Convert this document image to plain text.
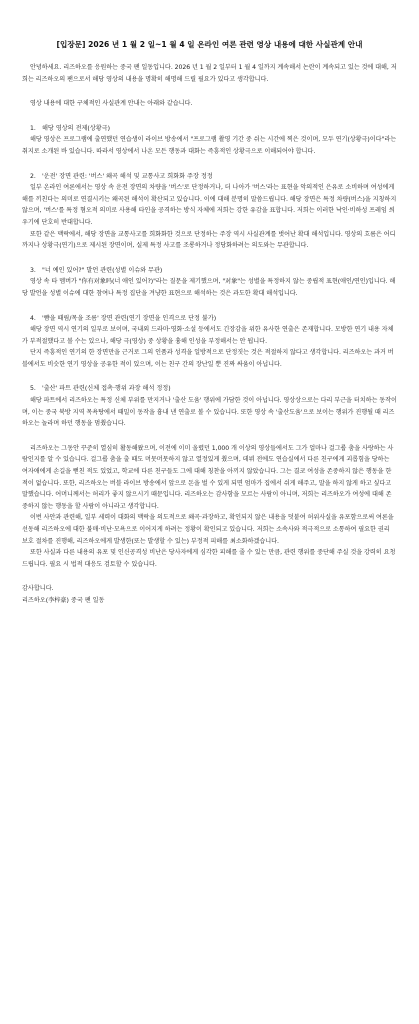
[입장문] 2026 년 1 월 2 일~1 월 4 일 온라인 여론 관련 영상 내용에 대한 사실관계 안내

안녕하세요. 리즈하오를 응원하는 중국 팬 일동입니다. 2026 년 1 월 2 일부터 1 월 4 일까지 계속해서 논란이 계속되고 있는 것에 대해, 저희는 리즈하오의 팬으로서 해당 영상의 내용을 명확히 해명해 드릴 필요가 있다고 생각합니다.

영상 내용에 대한 구체적인 사실관계 안내는 아래와 같습니다.

1.　해당 영상의 전제(상황극)

해당 영상은 프로그램에 출연했던 연습생이 라이브 방송에서 "프로그램 촬영 기간 중 쉬는 시간에 찍은 것이며, 모두 연기(상황극)이다"라는 취지로 소개된 바 있습니다. 따라서 영상에서 나온 모든 행동과 대화는 즉흥적인 상황극으로 이해되어야 합니다.

2.　'운전' 장면 관련: '버스' 왜곡 해석 및 교통사고 희화화 주장 정정

일부 온라인 여론에서는 영상 속 운전 장면의 차량을 '버스'로 단정하거나, 더 나아가 '버스'라는 표현을 악의적인 은유로 소비하며 여성에게 해를 끼친다는 의미로 연결시키는 왜곡된 해석이 확산되고 있습니다. 이에 대해 분명히 말씀드립니다. 해당 장면은 특정 차량(버스)을 지칭하지 않으며, '버스'를 특정 혐오적 의미로 사용해 타인을 공격하는 방식 자체에 저희는 강한 유감을 표합니다. 저희는 이러한 낙인·비하성 프레임 씌우기에 단호히 반대합니다.

또한 같은 맥락에서, 해당 장면을 교통사고를 희화화한 것으로 단정하는 주장 역시 사실관계를 벗어난 확대 해석입니다. 영상의 흐름은 어디까지나 상황극(연기)으로 제시된 장면이며, 실제 특정 사고를 조롱하거나 정당화하려는 의도와는 무관합니다.

3.　"너 예인 있어?" 발언 관련(성별 이슈와 무관)

영상 속 타 멤버가 "你有对象吗(너 애인 있어?)"라는 질문을 제기했으며, "对象"는 성별을 특정하지 않는 중립적 표현(애인/연인)입니다. 해당 발언을 성별 이슈에 대한 참여나 특정 집단을 겨냥한 표현으로 해석하는 것은 과도한 확대 해석입니다.

4.　'뺨을 때림/목을 조름' 장면 관련(연기 장면을 인격으로 단정 불가)

해당 장면 역시 연기의 일부로 보이며, 국내외 드라마·영화·소설 등에서도 긴장감을 위한 유사한 연출은 존재합니다. 모방한 연기 내용 자체가 부적절했다고 볼 수는 있으나, 해당 극(영상) 중 상황을 흉해 인성을 부정해서는 안 됩니다.

단지 즉흥적인 연기의 한 장면만을 근거로 그의 인품과 성격을 일방적으로 단정짓는 것은 적절하지 않다고 생각합니다. 리즈하오는 과거 버블에서도 비슷한 연기 영상을 공유한 적이 있으며, 이는 친구 간의 장난일 뿐 진짜 싸움이 아닙니다.

5.　'출산' 파트 관련(신체 접촉·행위 과장 해석 정정)

해당 파트에서 리즈하오는 특정 신체 부위를 만지거나 '출산 도움' 행위에 가담한 것이 아닙니다. 영상상으로는 다리 부근을 터치하는 동작이며, 이는 중국 북방 지역 목욕탕에서 때밀이 동작을 흉내 낸 연출로 볼 수 있습니다. 또한 영상 속 '출산도움'으로 보이는 행위가 진행될 때 리즈하오는 놀라며 하던 행동을 멈췄습니다.

리즈하오는 그동안 꾸준히 열심히 활동해왔으며, 이전에 이미 올렸던 1,000 개 이상의 영상들에서도 그가 얼마나 걸그룹 춤을 사랑하는 사람인지를 알 수 있습니다. 걸그룹 춤을 출 때도 머뭇머뭇하지 않고 열정있게 췄으며, 데뷔 전에도 연습실에서 다른 친구에게 괴롭힘을 당하는 여자애에게 손길을 뻗친 적도 있었고, 학교에 다른 친구들도 그에 대해 칭찬을 아끼지 않았습니다. 그는 결코 여성을 존중하지 않은 행동을 한 적이 없습니다. 또한, 리즈하오는 버블 라이브 방송에서 앞으로 돈을 벌 수 있게 되면 엄마가 집에서 쉬게 해주고, 말을 하지 않게 하고 싶다고 말했습니다. 어머니께서는 허리가 좋지 않으시기 때문입니다. 리즈하오는 감사함을 모르는 사람이 아니며, 저희는 리즈하오가 여성에 대해 존중하지 않는 행동을 할 사람이 아니라고 생각합니다.

이번 사안과 관련해, 일부 세력이 대화의 맥락을 의도적으로 왜곡·과장하고, 확인되지 않은 내용을 덧붙여 허위사실을 유포함으로써 여론을 선동해 리즈하오에 대한 불매·비난·모욕으로 이어지게 하려는 정황이 확인되고 있습니다. 저희는 소속사와 적극적으로 소통하여 필요한 권리 보호 절차를 진행해, 리즈하오에게 발생한(또는 발생할 수 있는) 부정적 피해를 최소화하겠습니다.

또한 사실과 다른 내용의 유포 및 인신공격성 비난은 당사자에게 심각한 피해를 줄 수 있는 만큼, 관련 행위를 중단해 주실 것을 강력히 요청드립니다. 필요 시 법적 대응도 검토할 수 있습니다.

감사합니다.

리즈하오(李梓豪) 중국 팬 일동
